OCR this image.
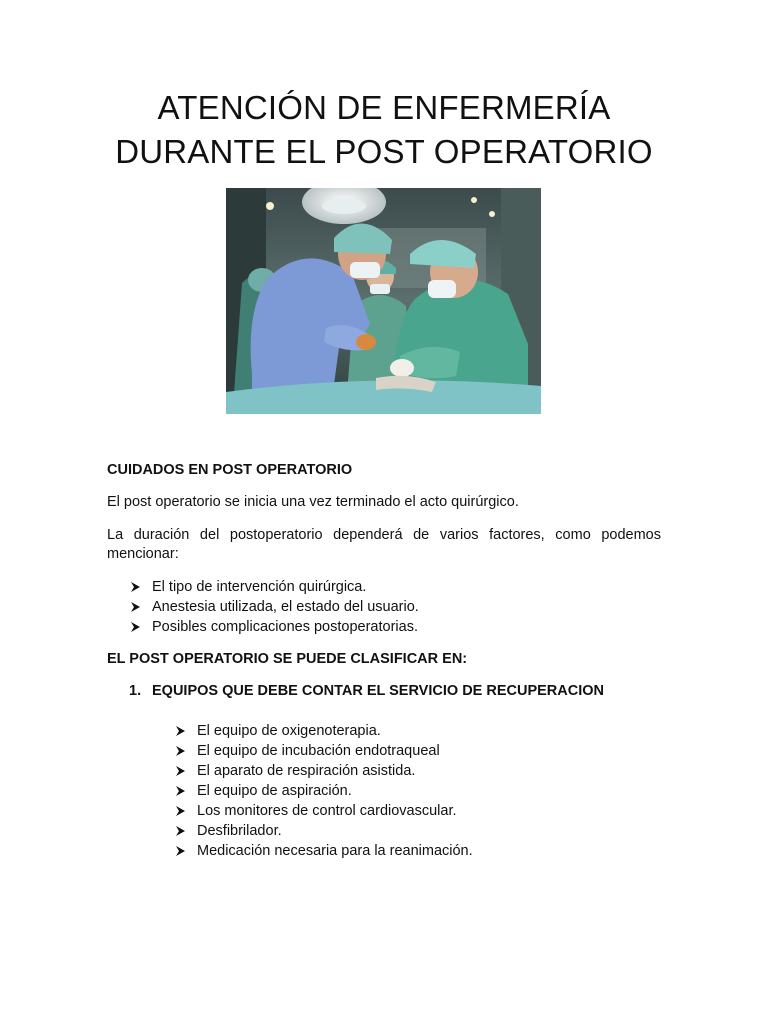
ATENCIÓN DE ENFERMERÍA
DURANTE EL POST OPERATORIO

CUIDADOS EN POST OPERATORIO

El post operatorio se inicia una vez terminado el acto quirúrgico.

La duración del postoperatorio dependerá de varios factores, como podemos mencionar:

El tipo de intervención quirúrgica.
Anestesia utilizada, el estado del usuario.
Posibles complicaciones postoperatorias.

EL POST OPERATORIO SE PUEDE CLASIFICAR EN:

1. EQUIPOS QUE DEBE CONTAR EL SERVICIO DE RECUPERACION
El equipo de oxigenoterapia.
El equipo de incubación endotraqueal
El aparato de respiración asistida.
El equipo de aspiración.
Los monitores de control cardiovascular.
Desfibrilador.
Medicación necesaria para la reanimación.
